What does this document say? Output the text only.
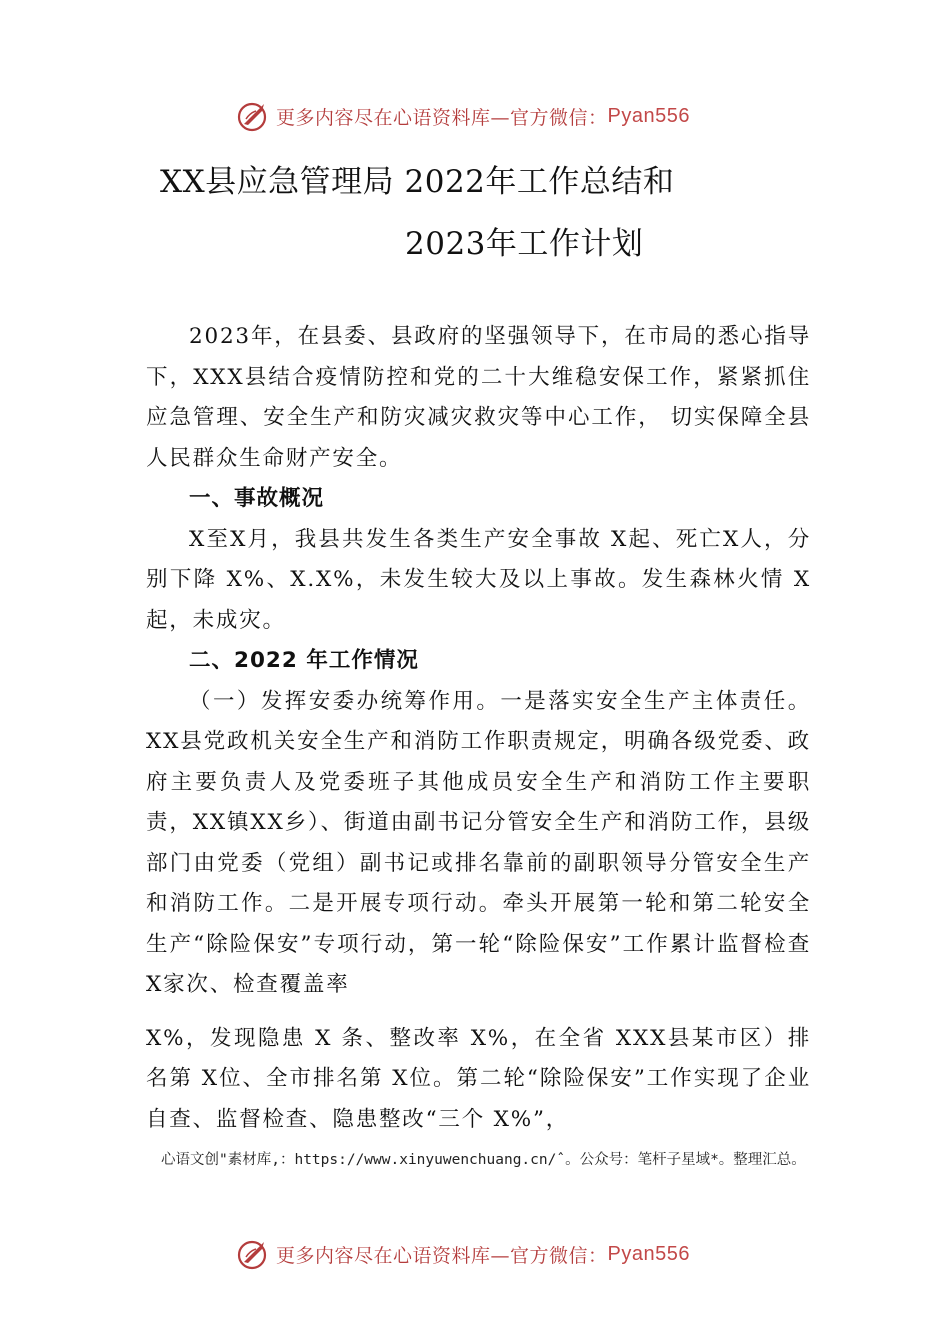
更多内容尽在心语资料库—官方微信： Pyan556
XX县应急管理局 2022年工作总结和
2023年工作计划

2023年，在县委、县政府的坚强领导下，在市局的悉心指导下，XXX县结合疫情防控和党的二十大维稳安保工作，紧紧抓住应急管理、安全生产和防灾减灾救灾等中心工作， 切实保障全县人民群众生命财产安全。

一、事故概况

X至X月，我县共发生各类生产安全事故 X起、死亡X人，分别下降 X%、X.X%，未发生较大及以上事故。发生森林火情 X起，未成灾。

二、2022 年工作情况

（一）发挥安委办统筹作用。一是落实安全生产主体责任。XX县党政机关安全生产和消防工作职责规定，明确各级党委、政府主要负责人及党委班子其他成员安全生产和消防工作主要职责，XX镇XX乡）、街道由副书记分管安全生产和消防工作，县级部门由党委（党组）副书记或排名靠前的副职领导分管安全生产和消防工作。二是开展专项行动。牵头开展第一轮和第二轮安全生产“除险保安”专项行动，第一轮“除险保安”工作累计监督检查 X家次、检查覆盖率

X%，发现隐患 X 条、整改率 X%，在全省 XXX县某市区）排名第 X位、全市排名第 X位。第二轮“除险保安”工作实现了企业自查、监督检查、隐患整改“三个 X%”，

心语文创"素材库,：https://www.xinyuwenchuang.cn/ˆ。公众号：笔杆子星域*。整理汇总。
更多内容尽在心语资料库—官方微信： Pyan556
